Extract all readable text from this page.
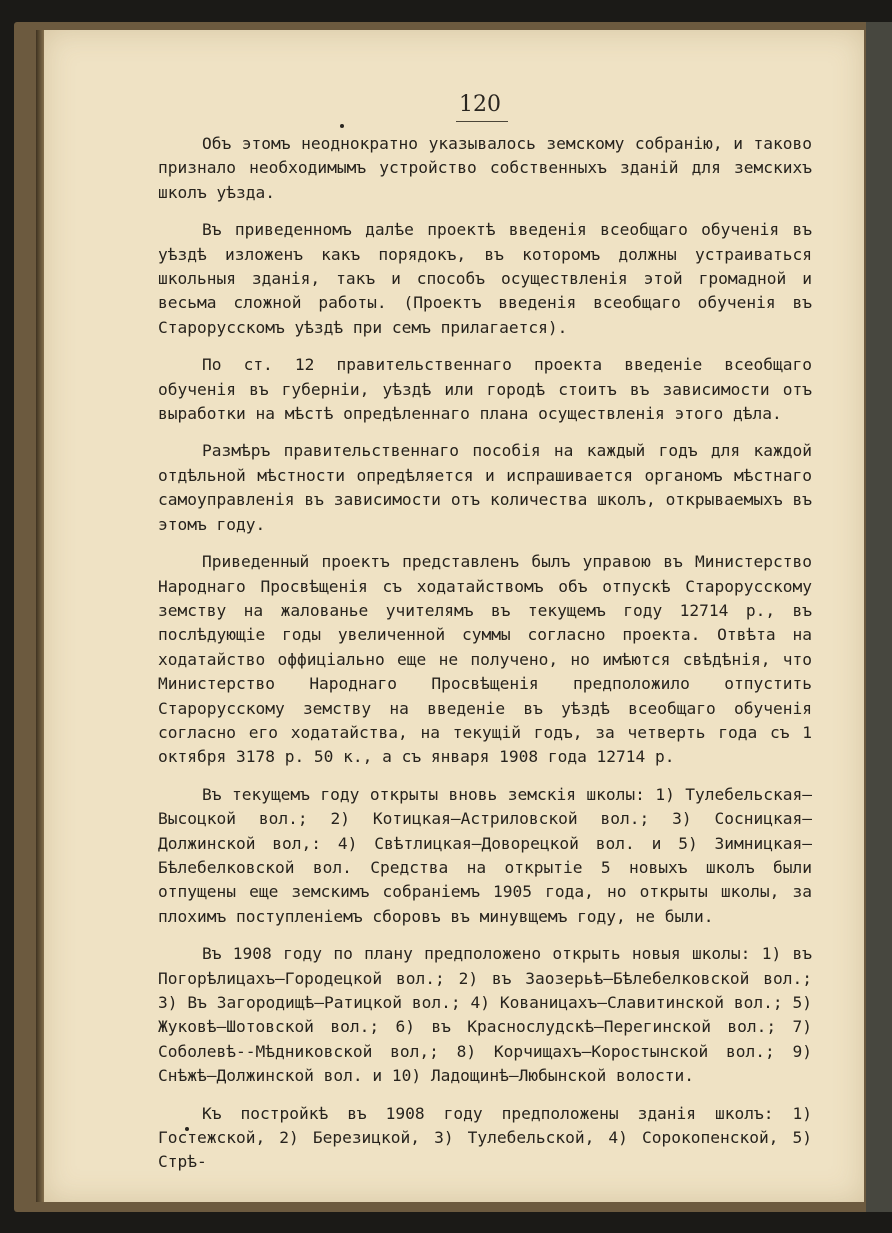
120

Объ этомъ неоднократно указывалось земскому собранію, и таково признало необходимымъ устройство собственныхъ зданій для земскихъ школъ уѣзда.

Въ приведенномъ далѣе проектѣ введенія всеобщаго обученія въ уѣздѣ изложенъ какъ порядокъ, въ которомъ должны устраиваться школьныя зданія, такъ и способъ осуществленія этой громадной и весьма сложной работы. (Проектъ введенія всеобщаго обученія въ Старорусскомъ уѣздѣ при семъ прилагается).

По ст. 12 правительственнаго проекта введеніе всеобщаго обученія въ губерніи, уѣздѣ или городѣ стоитъ въ зависимости отъ выработки на мѣстѣ опредѣленнаго плана осуществленія этого дѣла.

Размѣръ правительственнаго пособія на каждый годъ для каждой отдѣльной мѣстности опредѣляется и испрашивается органомъ мѣстнаго самоуправленія въ зависимости отъ количества школъ, открываемыхъ въ этомъ году.

Приведенный проектъ представленъ былъ управою въ Министерство Народнаго Просвѣщенія съ ходатайствомъ объ отпускѣ Старорусскому земству на жалованье учителямъ въ текущемъ году 12714 р., въ послѣдующіе годы увеличенной суммы согласно проекта. Отвѣта на ходатайство оффиціально еще не получено, но имѣются свѣдѣнія, что Министерство Народнаго Просвѣщенія предположило отпустить Старорусскому земству на введеніе въ уѣздѣ всеобщаго обученія согласно его ходатайства, на текущій годъ, за четверть года съ 1 октября 3178 р. 50 к., а съ января 1908 года 12714 р.

Въ текущемъ году открыты вновь земскія школы: 1) Тулебельская—Высоцкой вол.; 2) Котицкая—Астриловской вол.; 3) Сосницкая—Должинской вол,: 4) Свѣтлицкая—Доворецкой вол. и 5) Зимницкая—Бѣлебелковской вол. Средства на открытіе 5 новыхъ школъ были отпущены еще земскимъ собраніемъ 1905 года, но открыты школы, за плохимъ поступленіемъ сборовъ въ минувщемъ году, не были.

Въ 1908 году по плану предположено открыть новыя школы: 1) въ Погорѣлицахъ—Городецкой вол.; 2) въ Заозерьѣ—Бѣлебелковской вол.; 3) Въ Загородищѣ—Ратицкой вол.; 4) Кованицахъ—Славитинской вол.; 5) Жуковѣ—Шотовской вол.; 6) въ Краснослудскѣ—Перегинской вол.; 7) Соболевѣ--Мѣдниковской вол,; 8) Корчищахъ—Коростынской вол.; 9) Снѣжѣ—Должинской вол. и 10) Ладощинѣ—Любынской волости.

Къ постройкѣ въ 1908 году предположены зданія школъ: 1) Гостежской, 2) Березицкой, 3) Тулебельской, 4) Сорокопенской, 5) Стрѣ-
